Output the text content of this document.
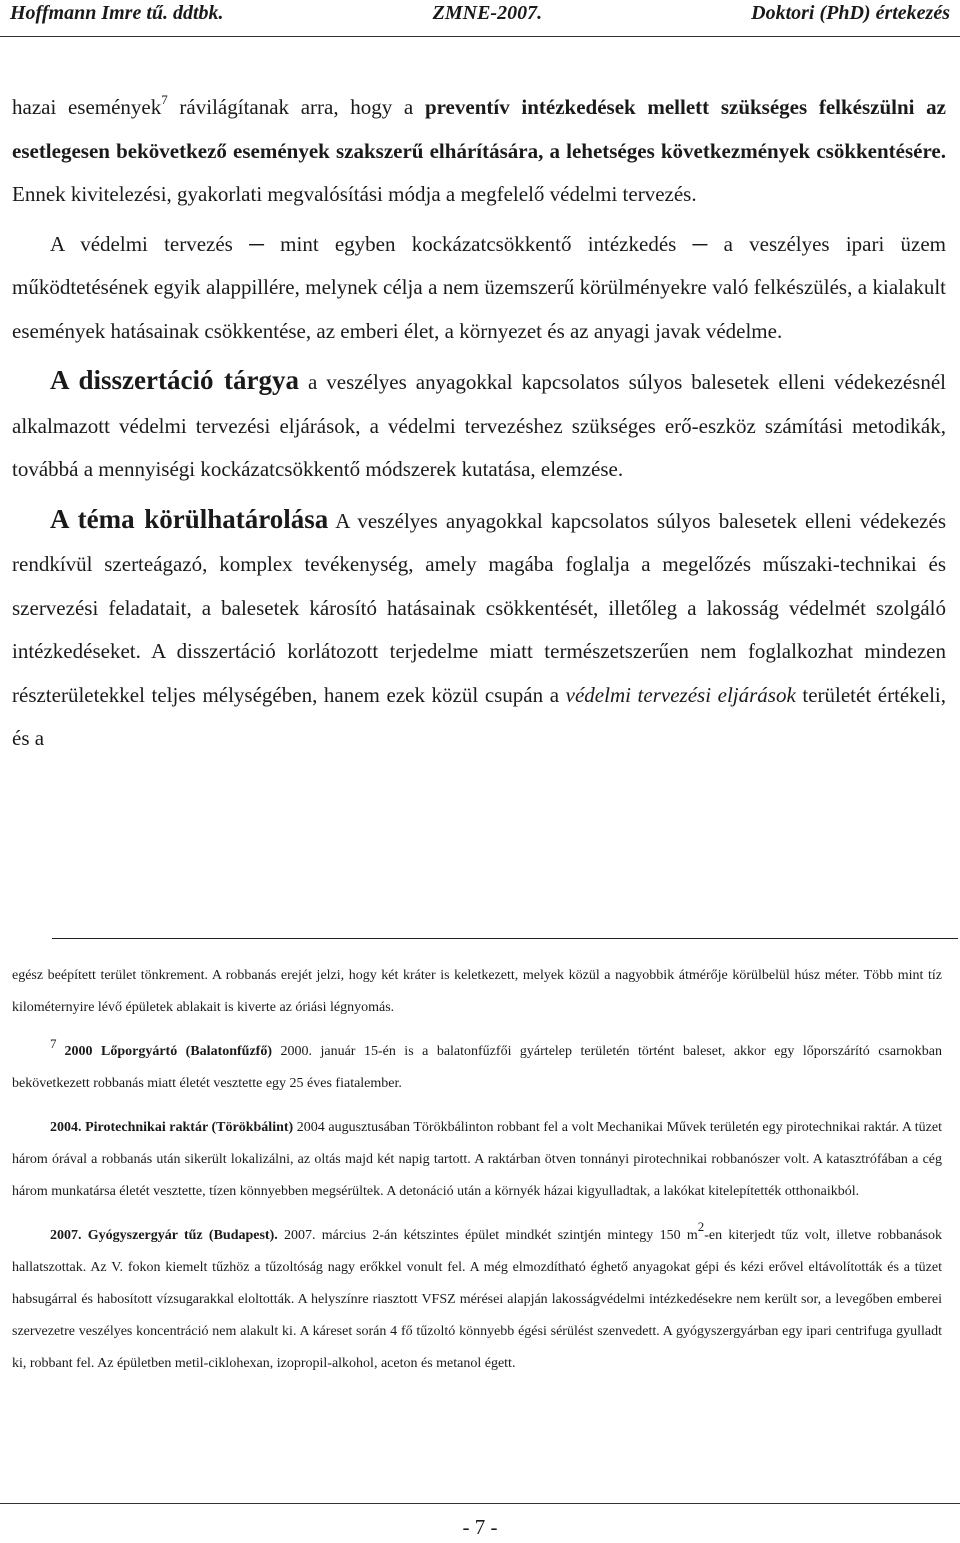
Hoffmann Imre tű. ddtbk.	ZMNE-2007.	Doktori (PhD) értekezés

hazai események$^7$ rávilágítanak arra, hogy a preventív intézkedések mellett szükséges felkészülni az esetlegesen bekövetkező események szakszerű elhárítására, a lehetséges következmények csökkentésére. Ennek kivitelezési, gyakorlati megvalósítási módja a megfelelő védelmi tervezés.

A védelmi tervezés ─ mint egyben kockázatcsökkentő intézkedés ─ a veszélyes ipari üzem működtetésének egyik alappillére, melynek célja a nem üzemszerű körülményekre való felkészülés, a kialakult események hatásainak csökkentése, az emberi élet, a környezet és az anyagi javak védelme.

A disszertáció tárgya a veszélyes anyagokkal kapcsolatos súlyos balesetek elleni védekezésnél alkalmazott védelmi tervezési eljárások, a védelmi tervezéshez szükséges erő-eszköz számítási metodikák, továbbá a mennyiségi kockázatcsökkentő módszerek kutatása, elemzése.

A téma körülhatárolása A veszélyes anyagokkal kapcsolatos súlyos balesetek elleni védekezés rendkívül szerteágazó, komplex tevékenység, amely magába foglalja a megelőzés műszaki-technikai és szervezési feladatait, a balesetek károsító hatásainak csökkentését, illetőleg a lakosság védelmét szolgáló intézkedéseket. A disszertáció korlátozott terjedelme miatt természetszerűen nem foglalkozhat mindezen részterületekkel teljes mélységében, hanem ezek közül csupán a védelmi tervezési eljárások területét értékeli, és a

egész beépített terület tönkrement. A robbanás erejét jelzi, hogy két kráter is keletkezett, melyek közül a nagyobbik átmérője körülbelül húsz méter. Több mint tíz kilométernyire lévő épületek ablakait is kiverte az óriási légnyomás.

72000 Lőporgyártó (Balatonfűzfő) 2000. január 15-én is a balatonfűzfői gyártelep területén történt baleset, akkor egy lőporszárító csarnokban bekövetkezett robbanás miatt életét vesztette egy 25 éves fiatalember.

2004. Pirotechnikai raktár (Törökbálint) 2004 augusztusában Törökbálinton robbant fel a volt Mechanikai Művek területén egy pirotechnikai raktár. A tüzet három órával a robbanás után sikerült lokalizálni, az oltás majd két napig tartott. A raktárban ötven tonnányi pirotechnikai robbanószer volt. A katasztrófában a cég három munkatársa életét vesztette, tízen könnyebben megsérültek. A detonáció után a környék házai kigyulladtak, a lakókat kitelepítették otthonaikból.

2007. Gyógyszergyár tűz (Budapest). 2007. március 2-án kétszintes épület mindkét szintjén mintegy 150 $m^2-en$ kiterjedt tűz volt, illetve robbanások hallatszottak. Az V. fokon kiemelt tűzhöz a tűzoltóság nagy erőkkel vonult fel. A még elmozdítható éghető anyagokat gépi és kézi erővel eltávolították és a tüzet habsugárral és habosított vízsugarakkal eloltották. A helyszínre riasztott VFSZ mérései alapján lakosságvédelmi intézkedésekre nem került sor, a levegőben emberei szervezetre veszélyes koncentráció nem alakult ki. A káreset során 4 fő tűzoltó könnyebb égési sérülést szenvedett. A gyógyszergyárban egy ipari centrifuga gyulladt ki, robbant fel. Az épületben metil-ciklohexan, izopropil-alkohol, aceton és metanol égett.

- 7 -
